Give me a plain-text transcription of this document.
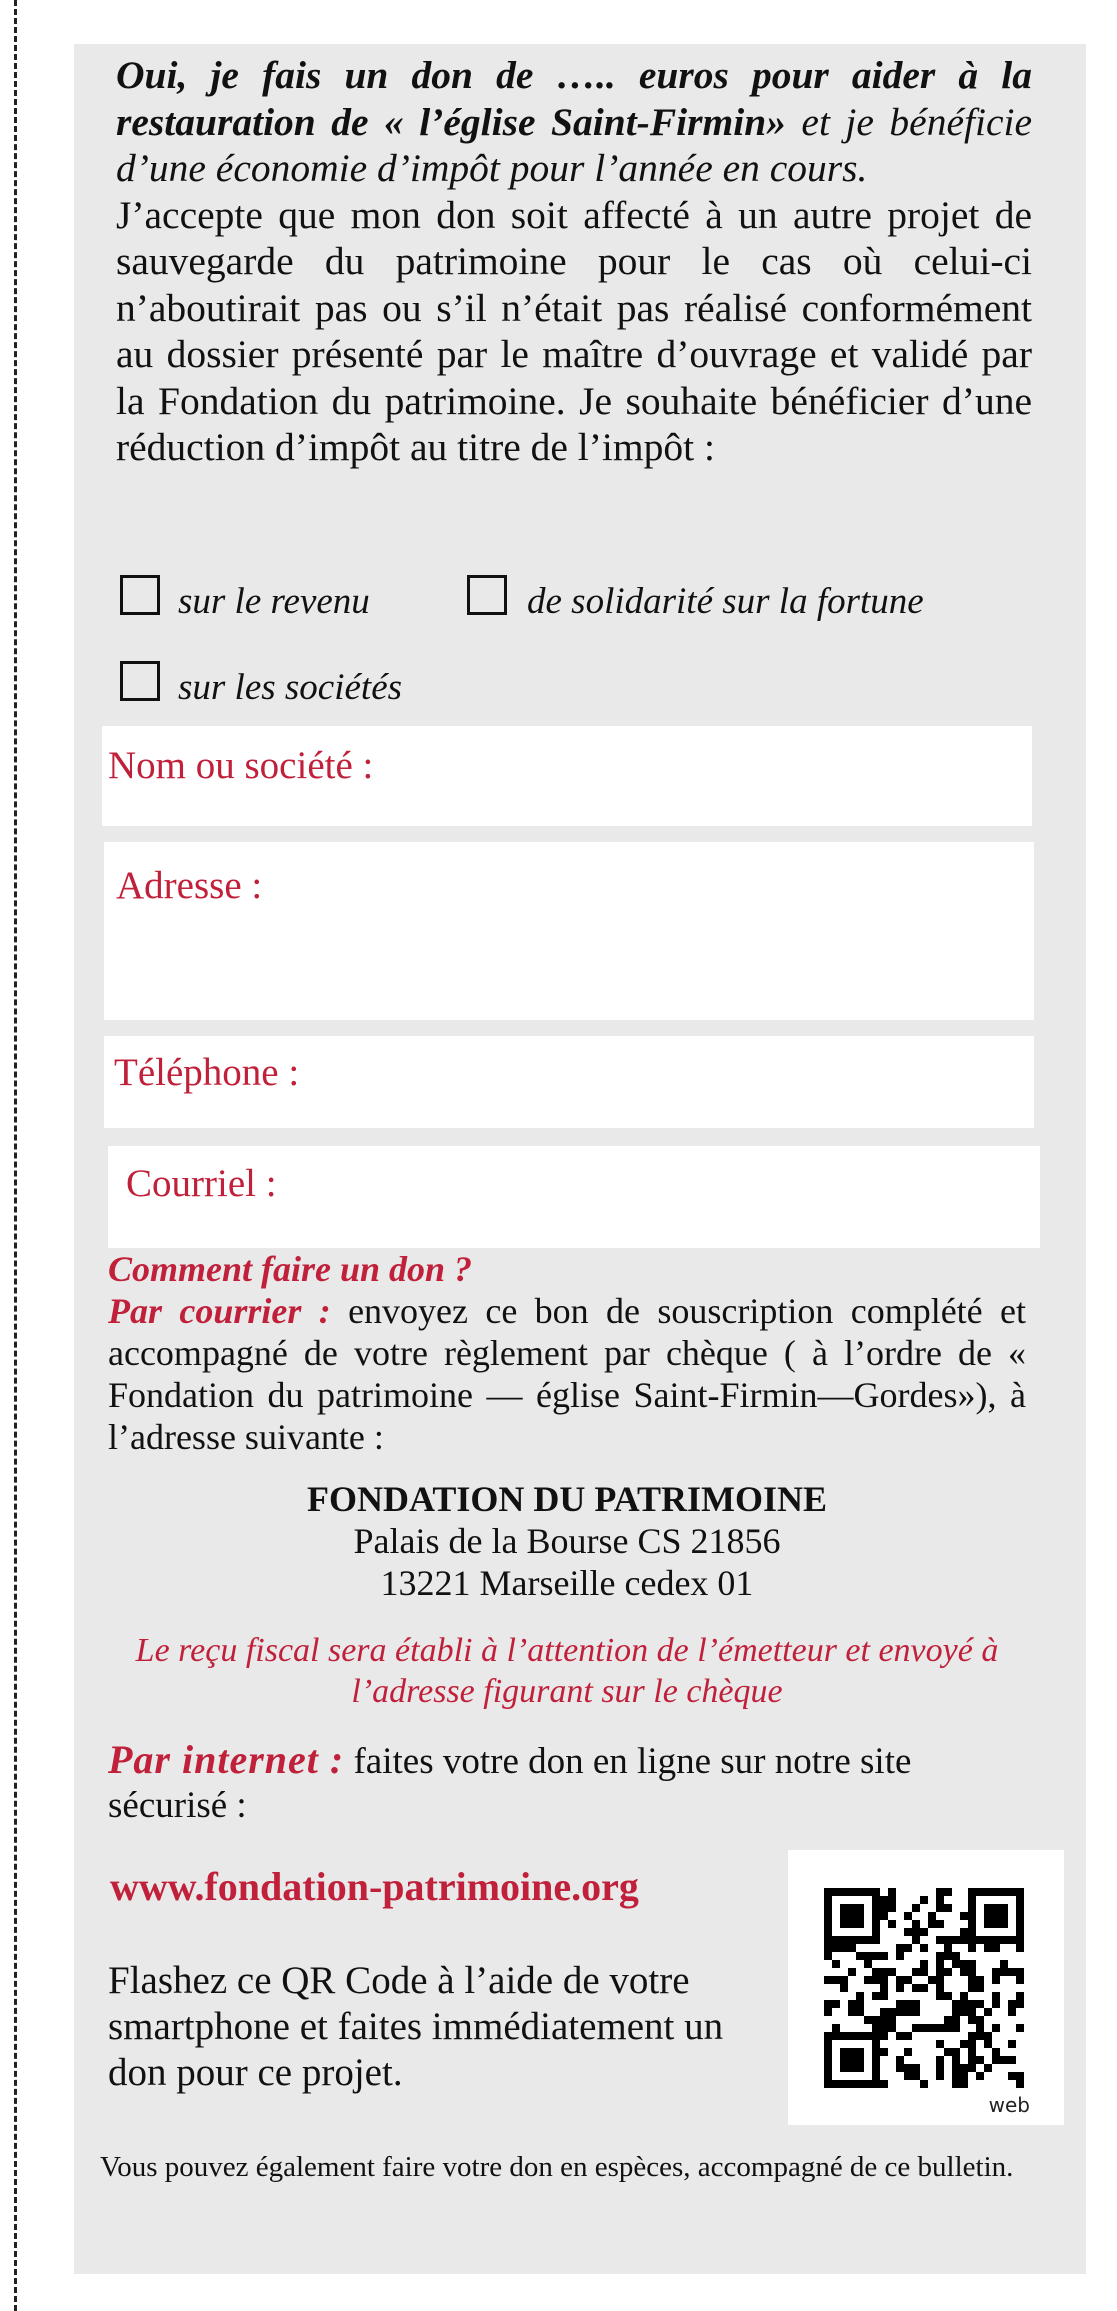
Oui, je fais un don de ….. euros pour aider à la restauration de « l’église Saint-Firmin» et je bénéficie d’une économie d’impôt pour l’année en cours.
J’accepte que mon don soit affecté à un autre projet de sauvegarde du patrimoine pour le cas où celui-ci n’aboutirait pas ou s’il n’était pas réalisé conformément au dossier présenté par le maître d’ouvrage et validé par la Fondation du patrimoine. Je souhaite bénéficier d’une réduction d’impôt au titre de l’impôt :

sur le revenu	de solidarité sur la fortune
sur les sociétés
Nom ou société :
Adresse :
Téléphone :
Courriel :

Comment faire un don ?

Par courrier : envoyez ce bon de souscription complété et accompagné de votre règlement par chèque ( à l’ordre de « Fondation du patrimoine — église Saint-Firmin—Gordes»), à l’adresse suivante :

FONDATION DU PATRIMOINE
Palais de la Bourse CS 21856
13221 Marseille cedex 01

Le reçu fiscal sera établi à l’attention de l’émetteur et envoyé à l’adresse figurant sur le chèque

Par internet : faites votre don en ligne sur notre site sécurisé :

www.fondation-patrimoine.org

Flashez ce QR Code à l’aide de votre smartphone et faites immédiatement un don pour ce projet.

web

Vous pouvez également faire votre don en espèces, accompagné de ce bulletin.
